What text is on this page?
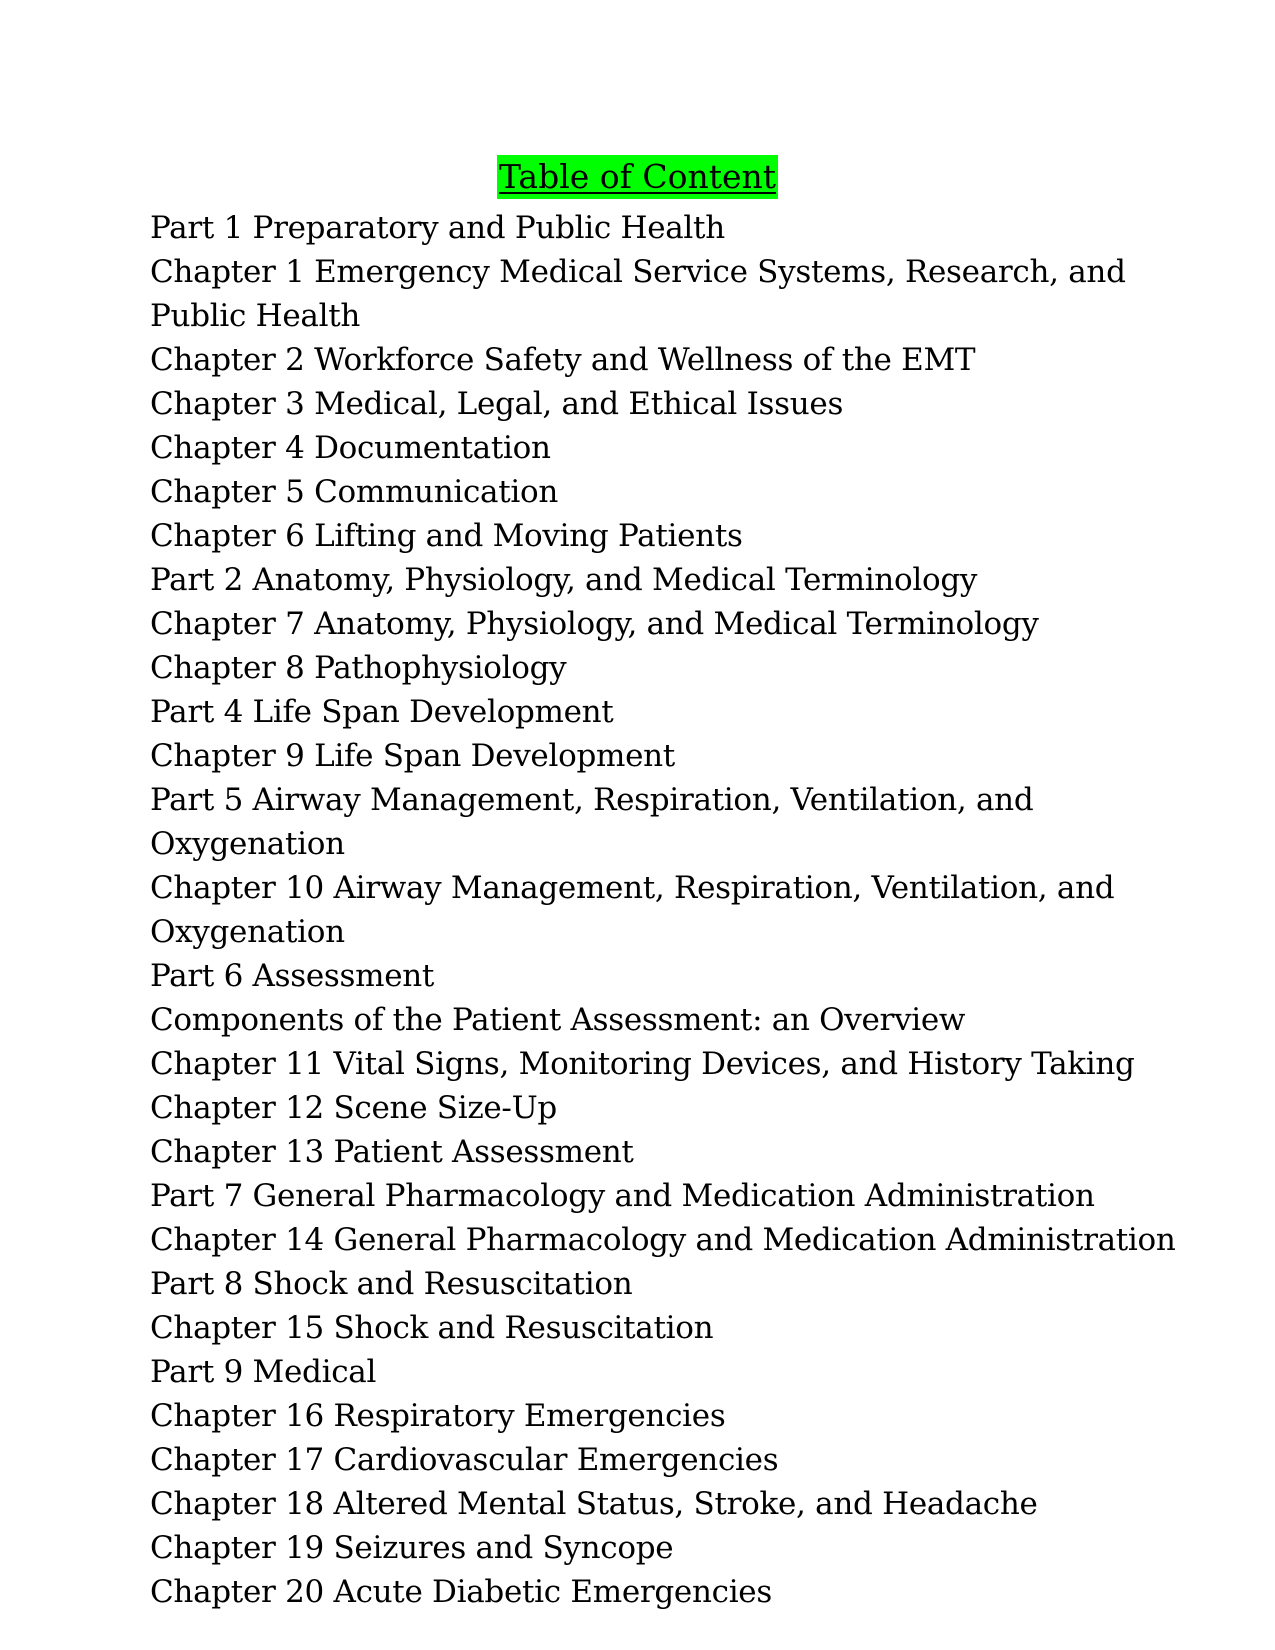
Table of Content
Part 1 Preparatory and Public Health
Chapter 1 Emergency Medical Service Systems, Research, and
Public Health
Chapter 2 Workforce Safety and Wellness of the EMT
Chapter 3 Medical, Legal, and Ethical Issues
Chapter 4 Documentation
Chapter 5 Communication
Chapter 6 Lifting and Moving Patients
Part 2 Anatomy, Physiology, and Medical Terminology
Chapter 7 Anatomy, Physiology, and Medical Terminology
Chapter 8 Pathophysiology
Part 4 Life Span Development
Chapter 9 Life Span Development
Part 5 Airway Management, Respiration, Ventilation, and
Oxygenation
Chapter 10 Airway Management, Respiration, Ventilation, and
Oxygenation
Part 6 Assessment
Components of the Patient Assessment: an Overview
Chapter 11 Vital Signs, Monitoring Devices, and History Taking
Chapter 12 Scene Size-Up
Chapter 13 Patient Assessment
Part 7 General Pharmacology and Medication Administration
Chapter 14 General Pharmacology and Medication Administration
Part 8 Shock and Resuscitation
Chapter 15 Shock and Resuscitation
Part 9 Medical
Chapter 16 Respiratory Emergencies
Chapter 17 Cardiovascular Emergencies
Chapter 18 Altered Mental Status, Stroke, and Headache
Chapter 19 Seizures and Syncope
Chapter 20 Acute Diabetic Emergencies
